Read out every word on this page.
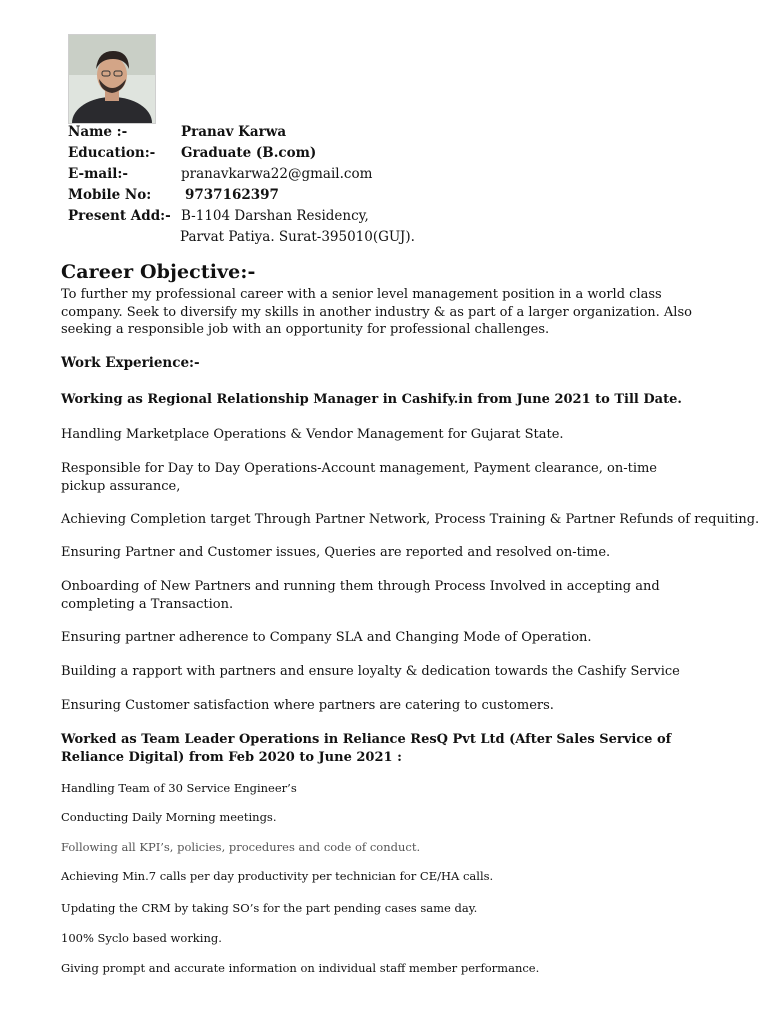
Name :-	Pranav Karwa
Education:-	Graduate (B.com)
E-mail:-	pranavkarwa22@gmail.com
Mobile No:	9737162397
Present Add:- B-1104 Darshan Residency,
Parvat Patiya. Surat-395010(GUJ).
Career Objective:-
To further my professional career with a senior level management position in a world class company. Seek to diversify my skills in another industry & as part of a larger organization. Also seeking a responsible job with an opportunity for professional challenges.
Work Experience:-
Working as Regional Relationship Manager in Cashify.in from June 2021 to Till Date.
Handling Marketplace Operations & Vendor Management for Gujarat State.
Responsible for Day to Day Operations-Account management, Payment clearance, on-time pickup assurance,
Achieving Completion target Through Partner Network, Process Training & Partner Refunds of requiting.
Ensuring Partner and Customer issues, Queries are reported and resolved on-time.
Onboarding of New Partners and running them through Process Involved in accepting and completing a Transaction.
Ensuring partner adherence to Company SLA and Changing Mode of Operation.
Building a rapport with partners and ensure loyalty & dedication towards the Cashify Service
Ensuring Customer satisfaction where partners are catering to customers.
Worked as Team Leader Operations in Reliance ResQ Pvt Ltd (After Sales Service of Reliance Digital) from Feb 2020 to June 2021 :
Handling Team of 30 Service Engineer’s
Conducting Daily Morning meetings.
Following all KPI’s, policies, procedures and code of conduct.
Achieving Min.7 calls per day productivity per technician for CE/HA calls.
Updating the CRM by taking SO’s for the part pending cases same day.
100% Syclo based working.
Giving prompt and accurate information on individual staff member performance.
